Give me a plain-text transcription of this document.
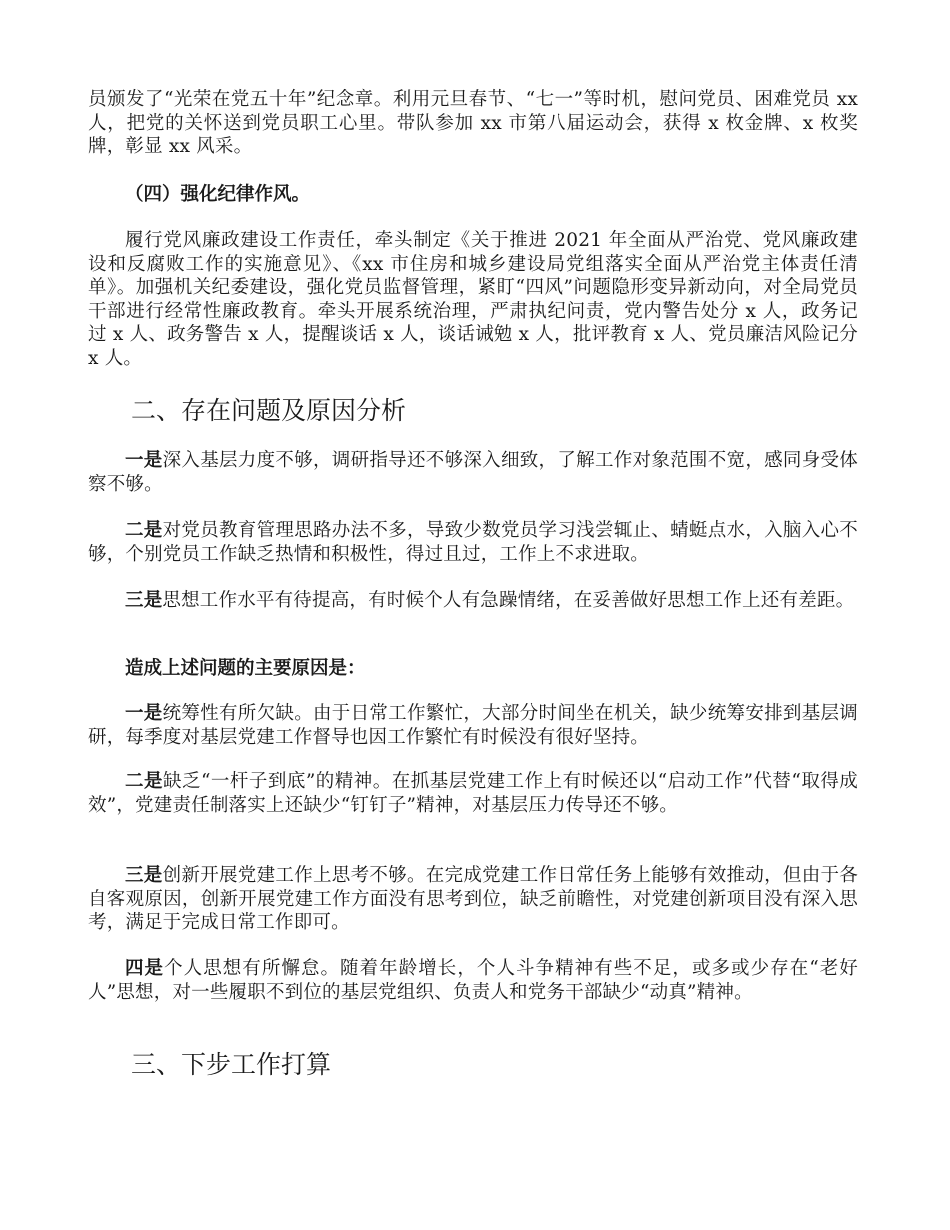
员颁发了“光荣在党五十年”纪念章。利用元旦春节、“七一”等时机，慰问党员、困难党员 xx 人，把党的关怀送到党员职工心里。带队参加 xx 市第八届运动会，获得 x 枚金牌、x 枚奖牌，彰显 xx 风采。

（四）强化纪律作风。

履行党风廉政建设工作责任，牵头制定《关于推进 2021 年全面从严治党、党风廉政建设和反腐败工作的实施意见》、《xx 市住房和城乡建设局党组落实全面从严治党主体责任清单》。加强机关纪委建设，强化党员监督管理，紧盯“四风”问题隐形变异新动向，对全局党员干部进行经常性廉政教育。牵头开展系统治理，严肃执纪问责，党内警告处分 x 人，政务记过 x 人、政务警告 x 人，提醒谈话 x 人，谈话诫勉 x 人，批评教育 x 人、党员廉洁风险记分 x 人。

二、存在问题及原因分析

一是深入基层力度不够，调研指导还不够深入细致，了解工作对象范围不宽，感同身受体察不够。

二是对党员教育管理思路办法不多，导致少数党员学习浅尝辄止、蜻蜓点水，入脑入心不够，个别党员工作缺乏热情和积极性，得过且过，工作上不求进取。

三是思想工作水平有待提高，有时候个人有急躁情绪，在妥善做好思想工作上还有差距。

造成上述问题的主要原因是：

一是统筹性有所欠缺。由于日常工作繁忙，大部分时间坐在机关，缺少统筹安排到基层调研，每季度对基层党建工作督导也因工作繁忙有时候没有很好坚持。

二是缺乏“一杆子到底”的精神。在抓基层党建工作上有时候还以“启动工作”代替“取得成效”，党建责任制落实上还缺少“钉钉子”精神，对基层压力传导还不够。

三是创新开展党建工作上思考不够。在完成党建工作日常任务上能够有效推动，但由于各自客观原因，创新开展党建工作方面没有思考到位，缺乏前瞻性，对党建创新项目没有深入思考，满足于完成日常工作即可。

四是个人思想有所懈怠。随着年龄增长，个人斗争精神有些不足，或多或少存在“老好人”思想，对一些履职不到位的基层党组织、负责人和党务干部缺少“动真”精神。

三、下步工作打算
